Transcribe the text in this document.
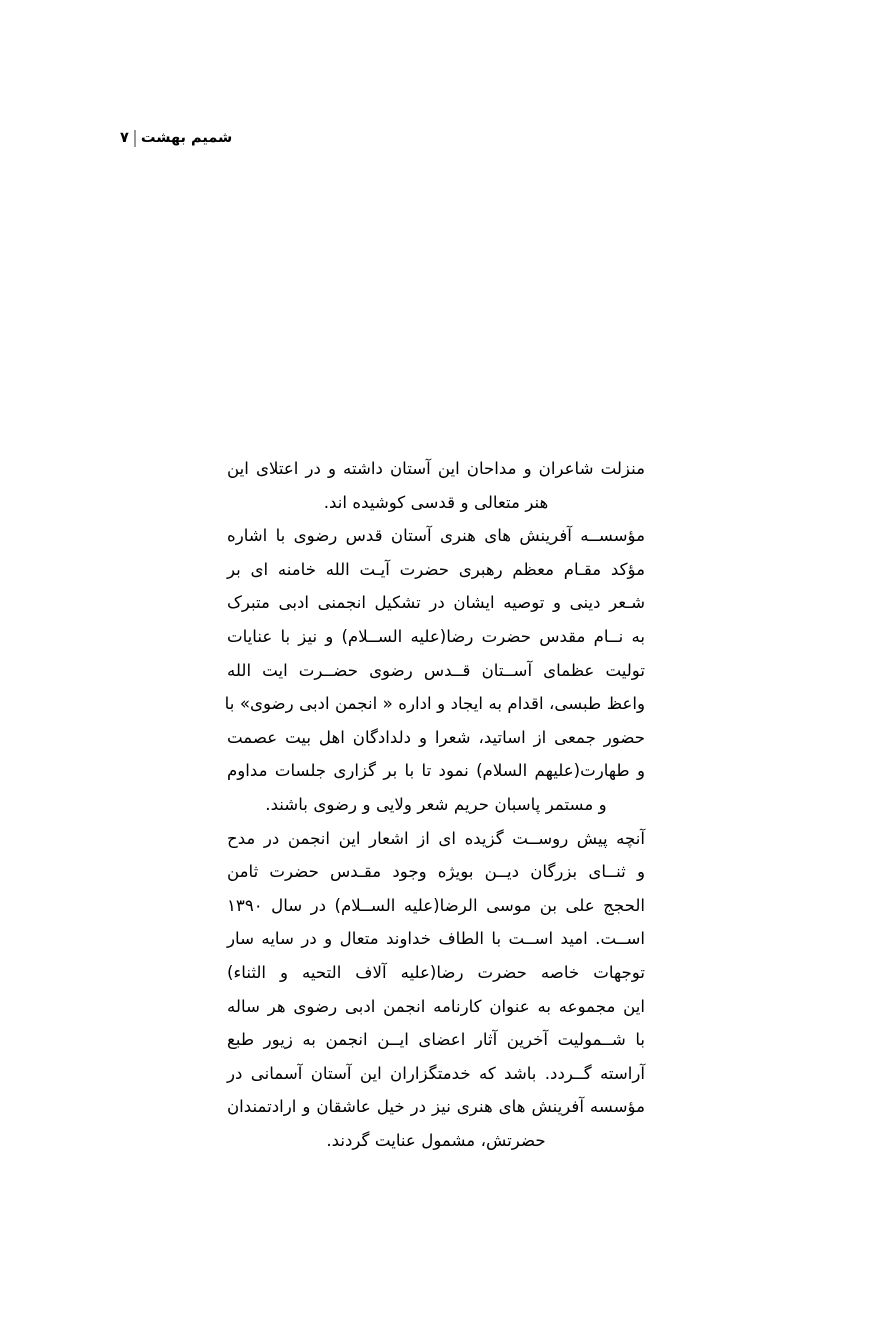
شمیم بهشت
۷

منزلت شاعران و مداحان این آستان داشته و در اعتلای این
هنر متعالی و قدسی کوشیده اند.

مؤسســه آفرینش های هنری آستان قدس رضوی با اشاره
مؤکد مقـام معظم رهبری حضرت آیـت الله خامنه ای بر
شـعر دینی و توصیه ایشان در تشکیل انجمنی ادبی متبرک
به نــام مقدس حضرت رضا(علیه الســلام) و نیز با عنایات
تولیت عظمای آســتان قــدس رضوی حضــرت ایت الله
واعظ طبسی، اقدام به ایجاد و اداره « انجمن ادبی رضوی» با
حضور جمعی از اساتید، شعرا و دلدادگان اهل بیت عصمت
و طهارت(علیهم السلام) نمود تا با بر گزاری جلسات مداوم
و مستمر پاسبان حریم شعر ولایی و رضوی باشند.

آنچه پیش روســت گزیده ای از اشعار این انجمن در مدح
و ثنــای بزرگان دیــن بویژه وجود مقـدس حضرت ثامن
الحجج علی بن موسی الرضا(علیه الســلام) در سال ۱۳۹۰
اســت. امید اســت با الطاف خداوند متعال و در سایه سار
توجهات خاصه حضرت رضا(علیه آلاف التحیه و الثناء)
این مجموعه به عنوان کارنامه انجمن ادبی رضوی هر ساله
با شــمولیت آخرین آثار اعضای ایــن انجمن به زیور طبع
آراسته گــردد. باشد که خدمتگزاران این آستان آسمانی در
مؤسسه آفرینش های هنری نیز در خیل عاشقان و ارادتمندان
حضرتش، مشمول عنایت گردند.
